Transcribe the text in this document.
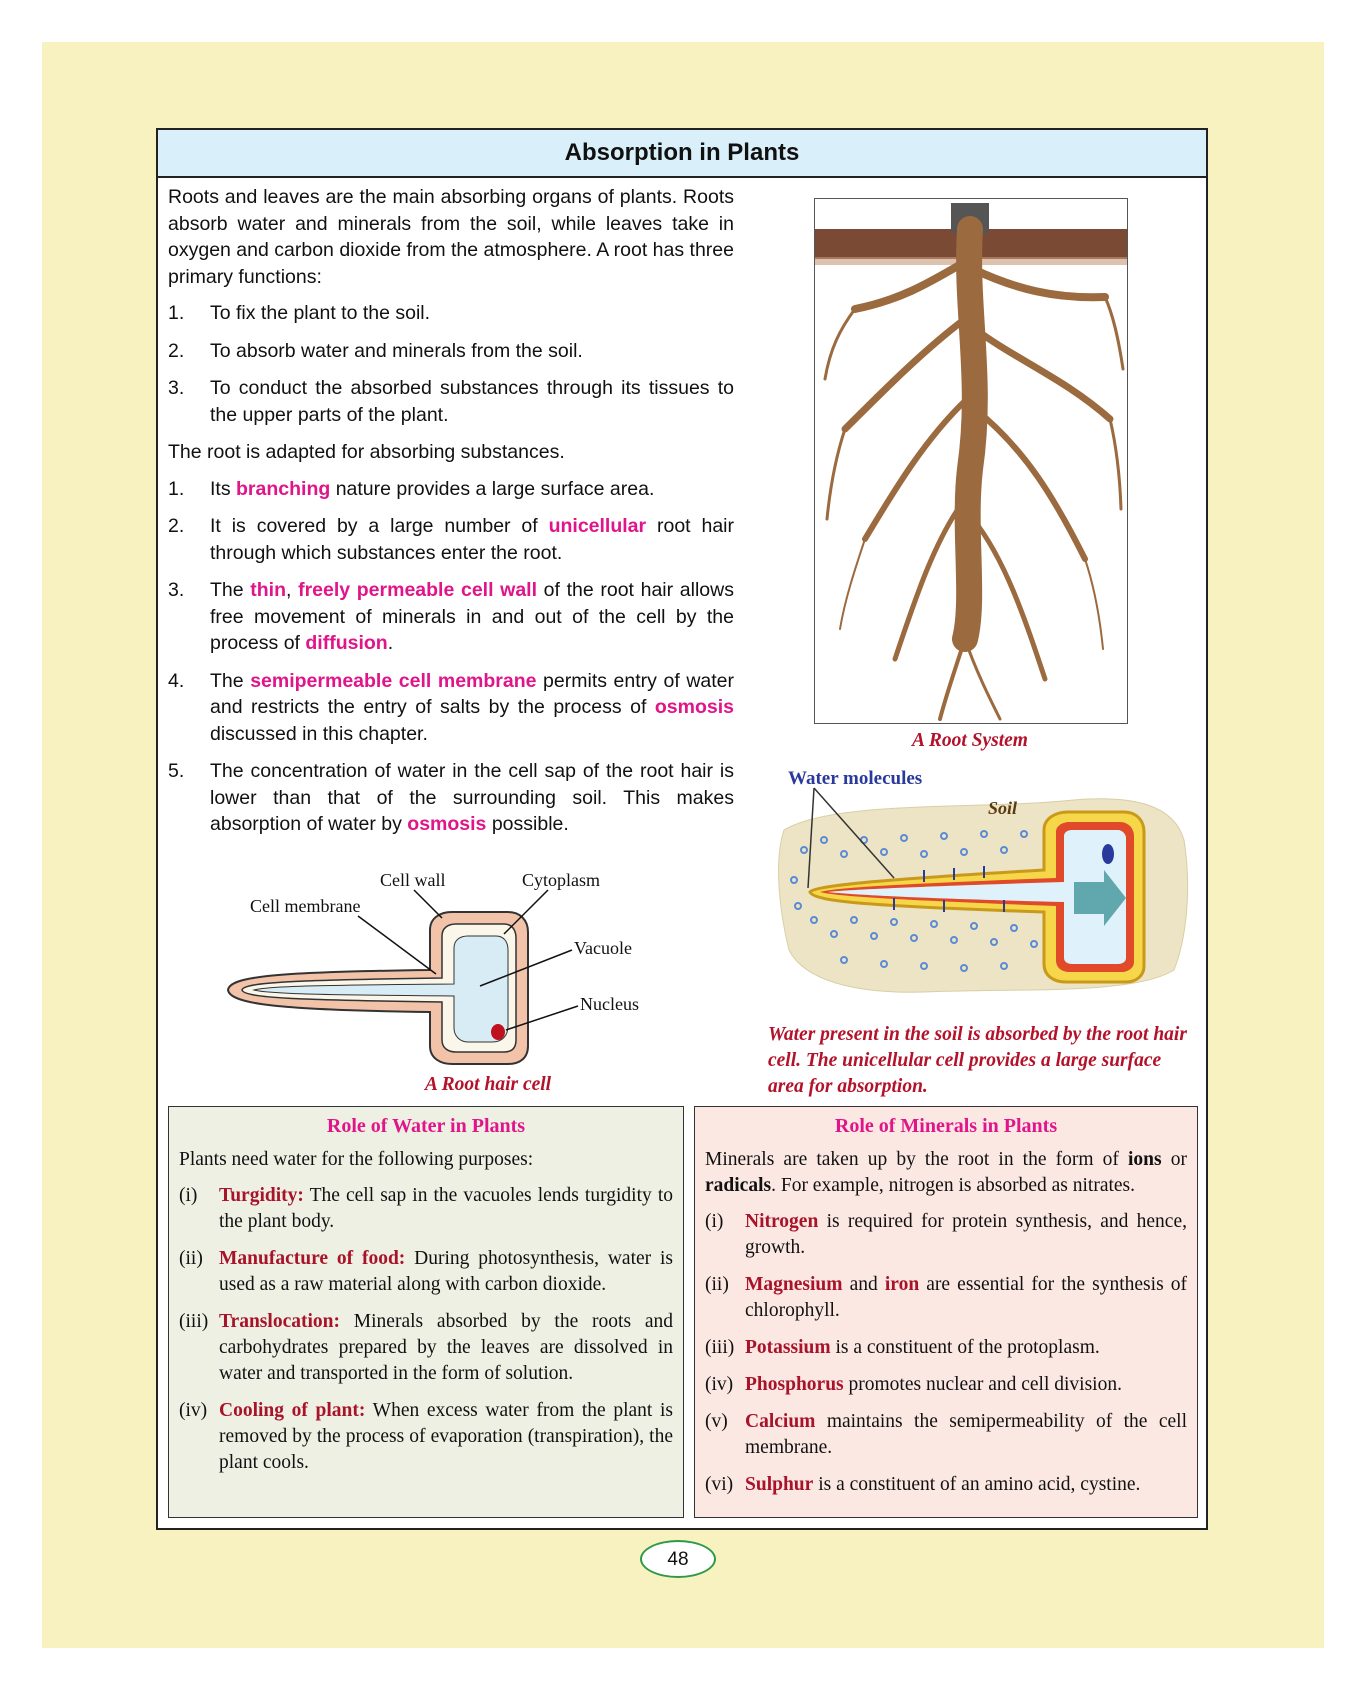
Absorption in Plants

Roots and leaves are the main absorbing organs of plants. Roots absorb water and minerals from the soil, while leaves take in oxygen and carbon dioxide from the atmosphere. A root has three primary functions:

1. To fix the plant to the soil.
2. To absorb water and minerals from the soil.
3. To conduct the absorbed substances through its tissues to the upper parts of the plant.

The root is adapted for absorbing substances.

1. Its branching nature provides a large surface area.
2. It is covered by a large number of unicellular root hair through which substances enter the root.
3. The thin, freely permeable cell wall of the root hair allows free movement of minerals in and out of the cell by the process of diffusion.
4. The semipermeable cell membrane permits entry of water and restricts the entry of salts by the process of osmosis discussed in this chapter.
5. The concentration of water in the cell sap of the root hair is lower than that of the surrounding soil. This makes absorption of water by osmosis possible.
A Root System
Water molecules
Soil
Water present in the soil is absorbed by the root hair cell. The unicellular cell provides a large surface area for absorption.
Cell wall	Cytoplasm
Cell membrane
Vacuole
Nucleus
A Root hair cell
Role of Water in Plants

Plants need water for the following purposes:

(i) Turgidity: The cell sap in the vacuoles lends turgidity to the plant body.
(ii) Manufacture of food: During photosynthesis, water is used as a raw material along with carbon dioxide.
(iii) Translocation: Minerals absorbed by the roots and carbohydrates prepared by the leaves are dissolved in water and transported in the form of solution.
(iv) Cooling of plant: When excess water from the plant is removed by the process of evaporation (transpiration), the plant cools.
Role of Minerals in Plants

Minerals are taken up by the root in the form of ions or radicals. For example, nitrogen is absorbed as nitrates.

(i) Nitrogen is required for protein synthesis, and hence, growth.
(ii) Magnesium and iron are essential for the synthesis of chlorophyll.
(iii) Potassium is a constituent of the protoplasm.
(iv) Phosphorus promotes nuclear and cell division.
(v) Calcium maintains the semipermeability of the cell membrane.
(vi) Sulphur is a constituent of an amino acid, cystine.
48
